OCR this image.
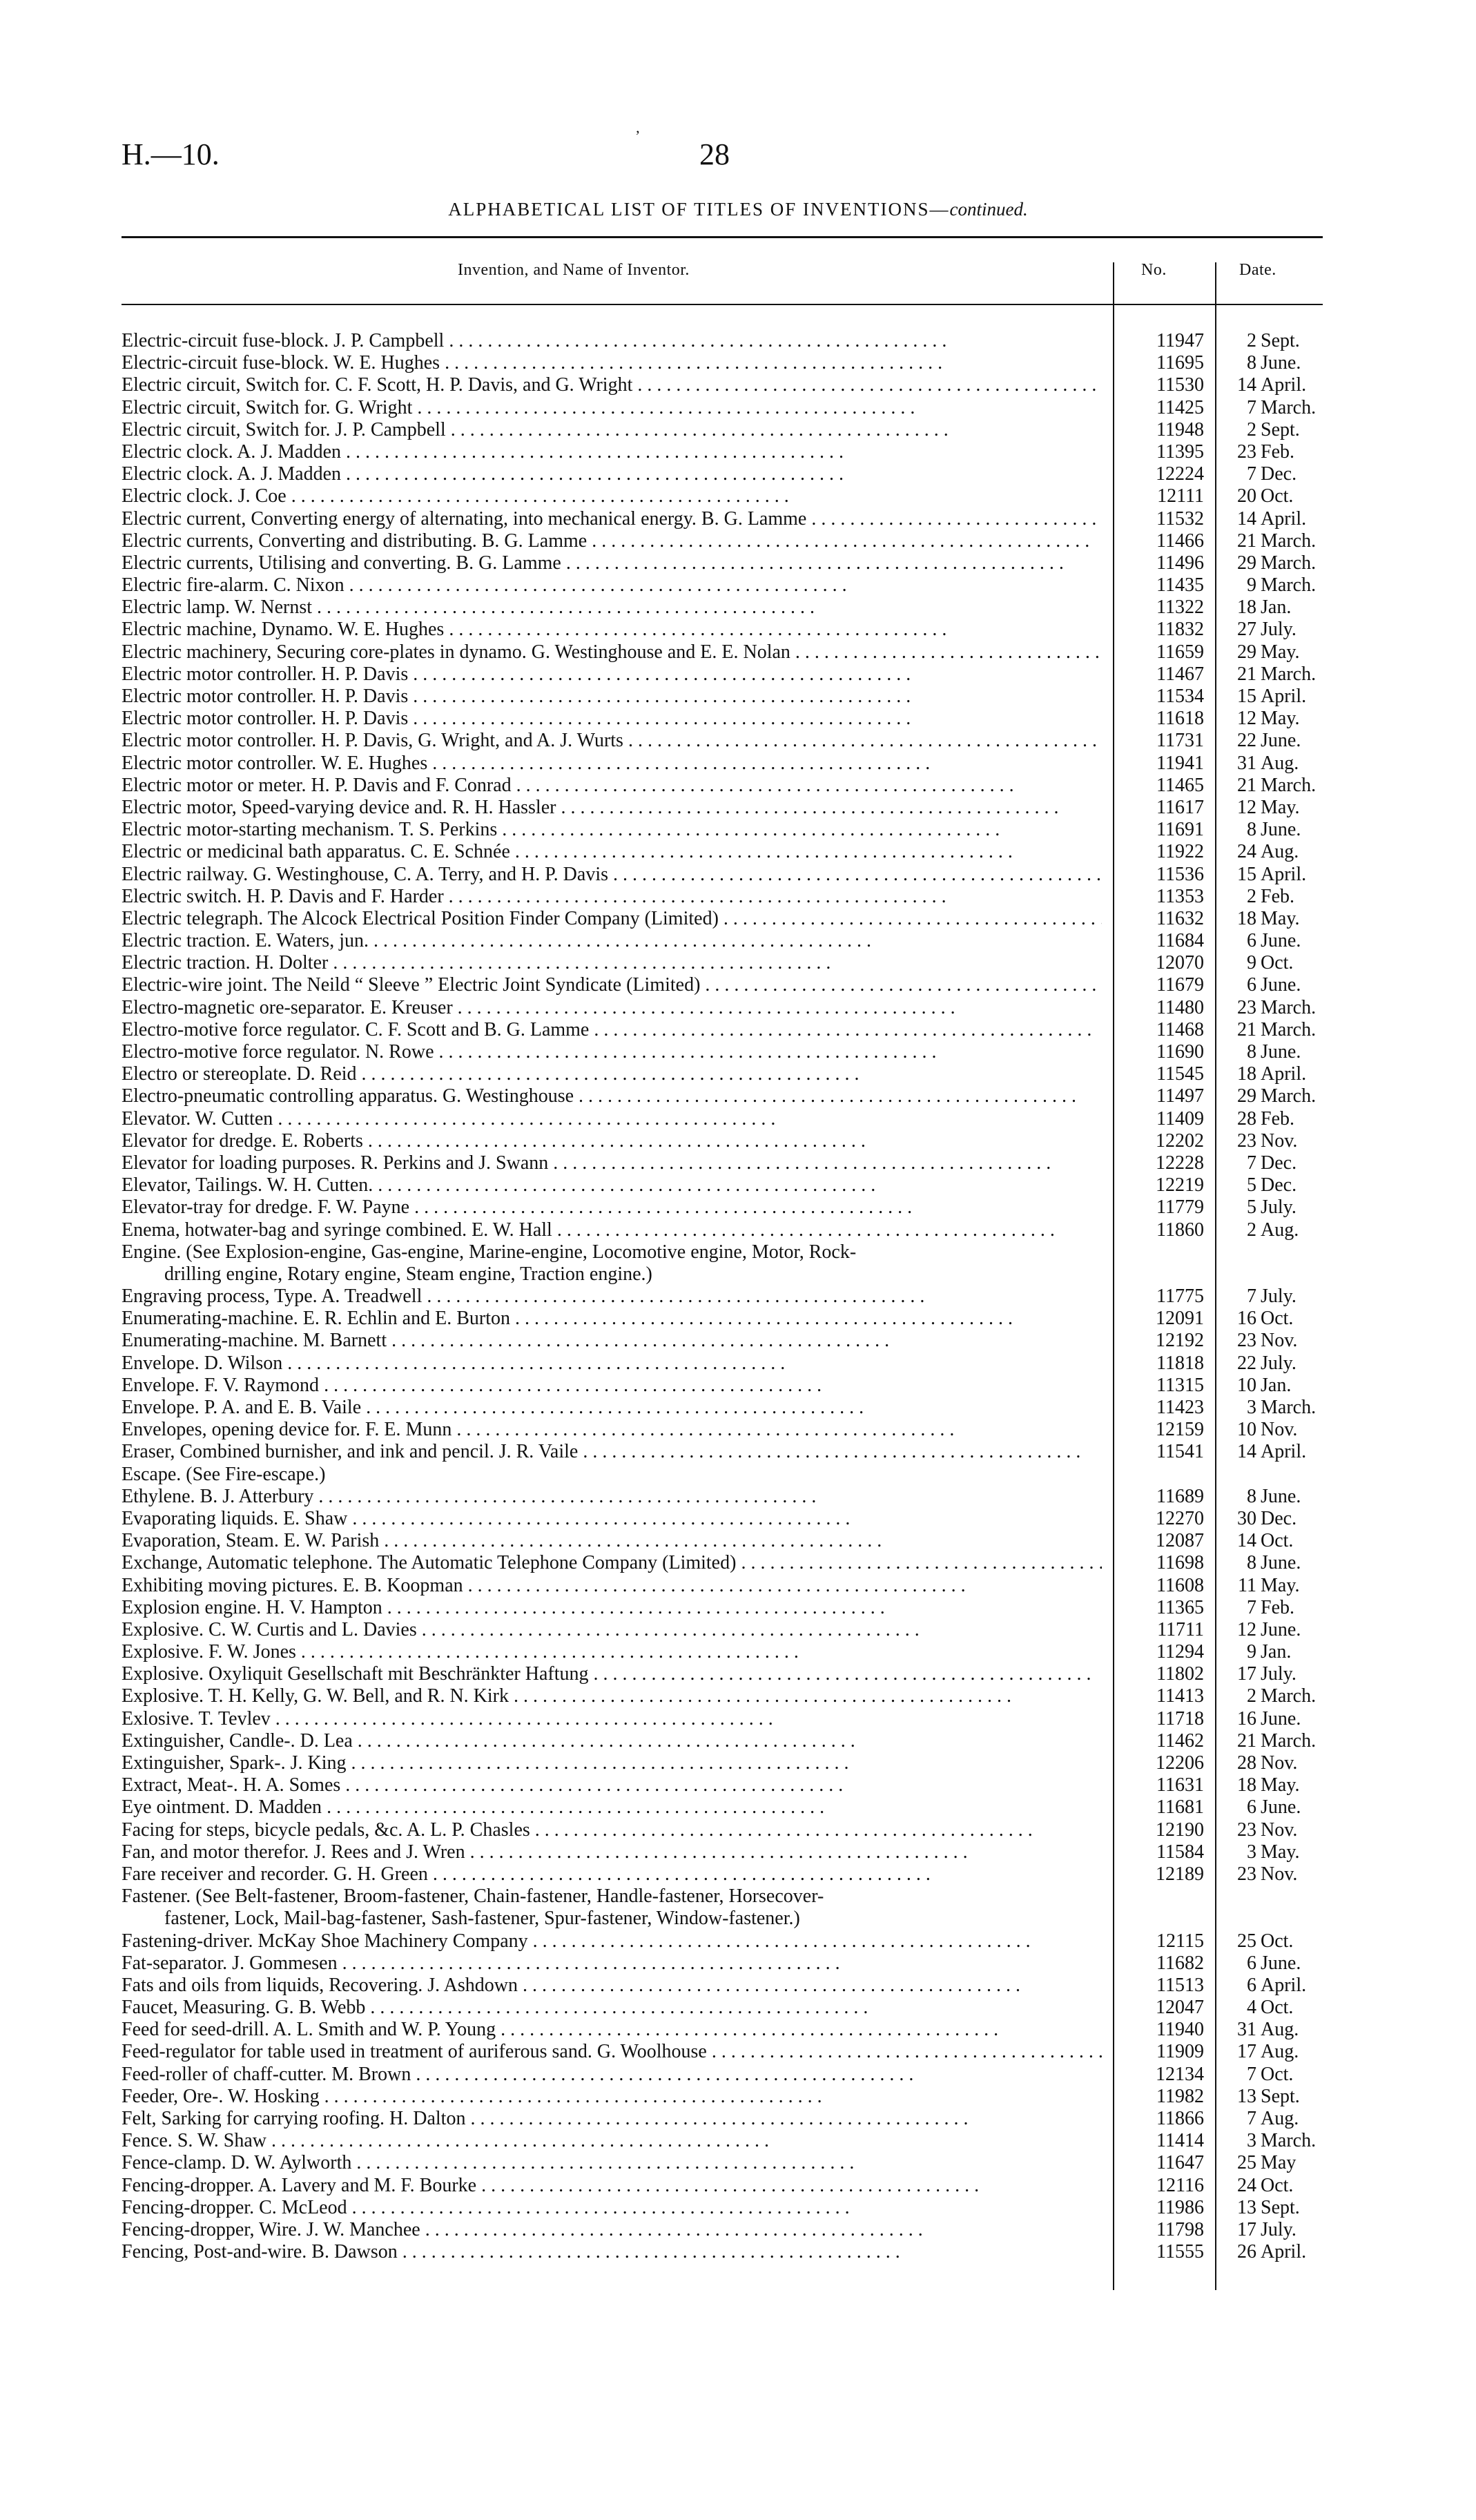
H.—10.
’
28
ALPHABETICAL LIST OF TITLES OF INVENTIONS—continued.
Invention, and Name of Inventor.	No.	Date.
Electric-circuit fuse-block. J. P. Campbell . .	11947	2 Sept.
Electric-circuit fuse-block. W. E. Hughes . .	11695	8 June.
Electric circuit, Switch for. C. F. Scott, H. P. Davis, and G. Wright . .	11530	14 April.
Electric circuit, Switch for. G. Wright . .	11425	7 March.
Electric circuit, Switch for. J. P. Campbell . .	11948	2 Sept.
Electric clock. A. J. Madden . .	11395	23 Feb.
Electric clock. A. J. Madden . .	12224	7 Dec.
Electric clock. J. Coe . .	12111	20 Oct.
Electric current, Converting energy of alternating, into mechanical energy. B. G. Lamme . .	11532	14 April.
Electric currents, Converting and distributing. B. G. Lamme . .	11466	21 March.
Electric currents, Utilising and converting. B. G. Lamme . .	11496	29 March.
Electric fire-alarm. C. Nixon . .	11435	9 March.
Electric lamp. W. Nernst . .	11322	18 Jan.
Electric machine, Dynamo. W. E. Hughes . .	11832	27 July.
Electric machinery, Securing core-plates in dynamo. G. Westinghouse and E. E. Nolan . .	11659	29 May.
Electric motor controller. H. P. Davis . .	11467	21 March.
Electric motor controller. H. P. Davis . .	11534	15 April.
Electric motor controller. H. P. Davis . .	11618	12 May.
Electric motor controller. H. P. Davis, G. Wright, and A. J. Wurts . .	11731	22 June.
Electric motor controller. W. E. Hughes . .	11941	31 Aug.
Electric motor or meter. H. P. Davis and F. Conrad . .	11465	21 March.
Electric motor, Speed-varying device and. R. H. Hassler . .	11617	12 May.
Electric motor-starting mechanism. T. S. Perkins . .	11691	8 June.
Electric or medicinal bath apparatus. C. E. Schnée . .	11922	24 Aug.
Electric railway. G. Westinghouse, C. A. Terry, and H. P. Davis . .	11536	15 April.
Electric switch. H. P. Davis and F. Harder . .	11353	2 Feb.
Electric telegraph. The Alcock Electrical Position Finder Company (Limited) . .	11632	18 May.
Electric traction. E. Waters, jun. . .	11684	6 June.
Electric traction. H. Dolter . .	12070	9 Oct.
Electric-wire joint. The Neild “ Sleeve ” Electric Joint Syndicate (Limited) . .	11679	6 June.
Electro-magnetic ore-separator. E. Kreuser . .	11480	23 March.
Electro-motive force regulator. C. F. Scott and B. G. Lamme . .	11468	21 March.
Electro-motive force regulator. N. Rowe . .	11690	8 June.
Electro or stereoplate. D. Reid . .	11545	18 April.
Electro-pneumatic controlling apparatus. G. Westinghouse . .	11497	29 March.
Elevator. W. Cutten . .	11409	28 Feb.
Elevator for dredge. E. Roberts . .	12202	23 Nov.
Elevator for loading purposes. R. Perkins and J. Swann . .	12228	7 Dec.
Elevator, Tailings. W. H. Cutten. . .	12219	5 Dec.
Elevator-tray for dredge. F. W. Payne . .	11779	5 July.
Enema, hotwater-bag and syringe combined. E. W. Hall . .	11860	2 Aug.
Engine. (See Explosion-engine, Gas-engine, Marine-engine, Locomotive engine, Motor, Rock-
drilling engine, Rotary engine, Steam engine, Traction engine.)
Engraving process, Type. A. Treadwell . .	11775	7 July.
Enumerating-machine. E. R. Echlin and E. Burton . .	12091	16 Oct.
Enumerating-machine. M. Barnett . .	12192	23 Nov.
Envelope. D. Wilson . .	11818	22 July.
Envelope. F. V. Raymond . .	11315	10 Jan.
Envelope. P. A. and E. B. Vaile . .	11423	3 March.
Envelopes, opening device for. F. E. Munn . .	12159	10 Nov.
Eraser, Combined burnisher, and ink and pencil. J. R. Vaile . .	11541	14 April.
Escape. (See Fire-escape.)
Ethylene. B. J. Atterbury . .	11689	8 June.
Evaporating liquids. E. Shaw . .	12270	30 Dec.
Evaporation, Steam. E. W. Parish . .	12087	14 Oct.
Exchange, Automatic telephone. The Automatic Telephone Company (Limited) . .	11698	8 June.
Exhibiting moving pictures. E. B. Koopman . .	11608	11 May.
Explosion engine. H. V. Hampton . .	11365	7 Feb.
Explosive. C. W. Curtis and L. Davies . .	11711	12 June.
Explosive. F. W. Jones . .	11294	9 Jan.
Explosive. Oxyliquit Gesellschaft mit Beschränkter Haftung . .	11802	17 July.
Explosive. T. H. Kelly, G. W. Bell, and R. N. Kirk . .	11413	2 March.
Exlosive. T. Tevlev . .	11718	16 June.
Extinguisher, Candle-. D. Lea . .	11462	21 March.
Extinguisher, Spark-. J. King . .	12206	28 Nov.
Extract, Meat-. H. A. Somes . .	11631	18 May.
Eye ointment. D. Madden . .	11681	6 June.
Facing for steps, bicycle pedals, &c. A. L. P. Chasles . .	12190	23 Nov.
Fan, and motor therefor. J. Rees and J. Wren . .	11584	3 May.
Fare receiver and recorder. G. H. Green . .	12189	23 Nov.
Fastener. (See Belt-fastener, Broom-fastener, Chain-fastener, Handle-fastener, Horsecover-
fastener, Lock, Mail-bag-fastener, Sash-fastener, Spur-fastener, Window-fastener.)
Fastening-driver. McKay Shoe Machinery Company . .	12115	25 Oct.
Fat-separator. J. Gommesen . .	11682	6 June.
Fats and oils from liquids, Recovering. J. Ashdown . .	11513	6 April.
Faucet, Measuring. G. B. Webb . .	12047	4 Oct.
Feed for seed-drill. A. L. Smith and W. P. Young . .	11940	31 Aug.
Feed-regulator for table used in treatment of auriferous sand. G. Woolhouse . .	11909	17 Aug.
Feed-roller of chaff-cutter. M. Brown . .	12134	7 Oct.
Feeder, Ore-. W. Hosking . .	11982	13 Sept.
Felt, Sarking for carrying roofing. H. Dalton . .	11866	7 Aug.
Fence. S. W. Shaw . .	11414	3 March.
Fence-clamp. D. W. Aylworth . .	11647	25 May
Fencing-dropper. A. Lavery and M. F. Bourke . .	12116	24 Oct.
Fencing-dropper. C. McLeod . .	11986	13 Sept.
Fencing-dropper, Wire. J. W. Manchee . .	11798	17 July.
Fencing, Post-and-wire. B. Dawson . .	11555	26 April.
